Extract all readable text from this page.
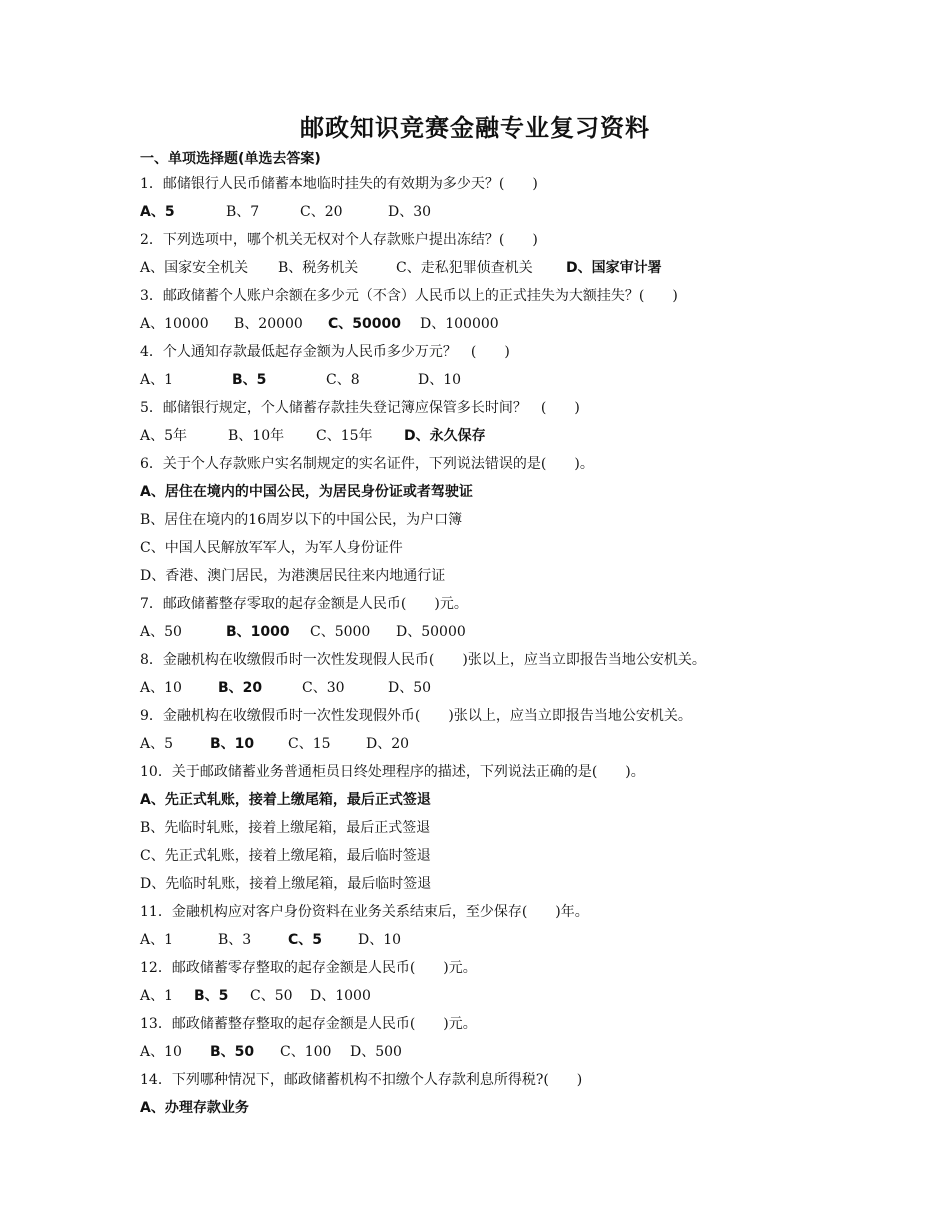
邮政知识竞赛金融专业复习资料
一、单项选择题(单选去答案)
1．邮储银行人民币储蓄本地临时挂失的有效期为多少天？(　　)
A、5	B、7	C、20	D、30
2．下列选项中，哪个机关无权对个人存款账户提出冻结？(　　)
A、国家安全机关 B、税务机关	C、走私犯罪侦查机关 D、国家审计署
3．邮政储蓄个人账户余额在多少元（不含）人民币以上的正式挂失为大额挂失？(　　)
A、10000 B、20000 C、50000 D、100000
4．个人通知存款最低起存金额为人民币多少万元？　(　　)
A、1	B、5	C、8	D、10
5．邮储银行规定，个人储蓄存款挂失登记簿应保管多长时间？　(　　)
A、5年	B、10年 C、15年 D、永久保存
6．关于个人存款账户实名制规定的实名证件，下列说法错误的是(　　)。
A、居住在境内的中国公民，为居民身份证或者驾驶证
B、居住在境内的16周岁以下的中国公民，为户口簿
C、中国人民解放军军人，为军人身份证件
D、香港、澳门居民，为港澳居民往来内地通行证
7．邮政储蓄整存零取的起存金额是人民币(　　)元。
A、50	B、1000 C、5000 D、50000
8．金融机构在收缴假币时一次性发现假人民币(　　)张以上，应当立即报告当地公安机关。
A、10	B、20	C、30	D、50
9．金融机构在收缴假币时一次性发现假外币(　　)张以上，应当立即报告当地公安机关。
A、5	B、10 C、15	D、20
10．关于邮政储蓄业务普通柜员日终处理程序的描述，下列说法正确的是(　　)。
A、先正式轧账，接着上缴尾箱，最后正式签退
B、先临时轧账，接着上缴尾箱，最后正式签退
C、先正式轧账，接着上缴尾箱，最后临时签退
D、先临时轧账，接着上缴尾箱，最后临时签退
11．金融机构应对客户身份资料在业务关系结束后，至少保存(　　)年。
A、1	B、3	C、5	D、10
12．邮政储蓄零存整取的起存金额是人民币(　　)元。
A、1 B、5 C、50 D、1000
13．邮政储蓄整存整取的起存金额是人民币(　　)元。
A、10 B、50 C、100 D、500
14．下列哪种情况下，邮政储蓄机构不扣缴个人存款利息所得税?(　　)
A、办理存款业务
